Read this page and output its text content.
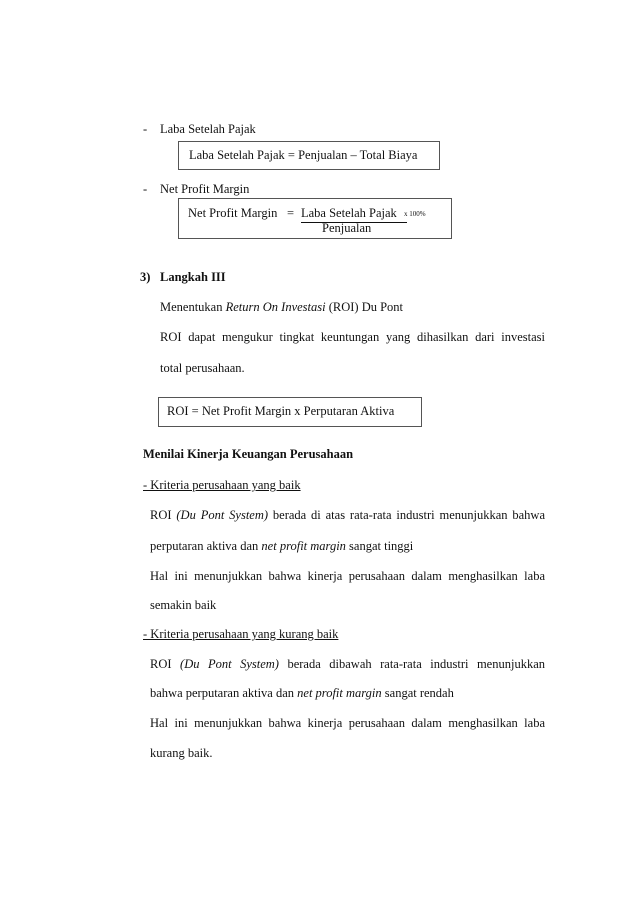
- Laba Setelah Pajak
Laba Setelah Pajak = Penjualan – Total Biaya
- Net Profit Margin
Net Profit Margin = Laba Setelah Pajak x 100%
Penjualan
3) Langkah III
Menentukan Return On Investasi (ROI) Du Pont
ROI dapat mengukur tingkat keuntungan yang dihasilkan dari investasi
total perusahaan.
ROI = Net Profit Margin x Perputaran Aktiva
Menilai Kinerja Keuangan Perusahaan
- Kriteria perusahaan yang baik
ROI (Du Pont System) berada di atas rata-rata industri menunjukkan bahwa
perputaran aktiva dan net profit margin sangat tinggi
Hal ini menunjukkan bahwa kinerja perusahaan dalam menghasilkan laba
semakin baik
- Kriteria perusahaan yang kurang baik
ROI (Du Pont System) berada dibawah rata-rata industri menunjukkan
bahwa perputaran aktiva dan net profit margin sangat rendah
Hal ini menunjukkan bahwa kinerja perusahaan dalam menghasilkan laba
kurang baik.
